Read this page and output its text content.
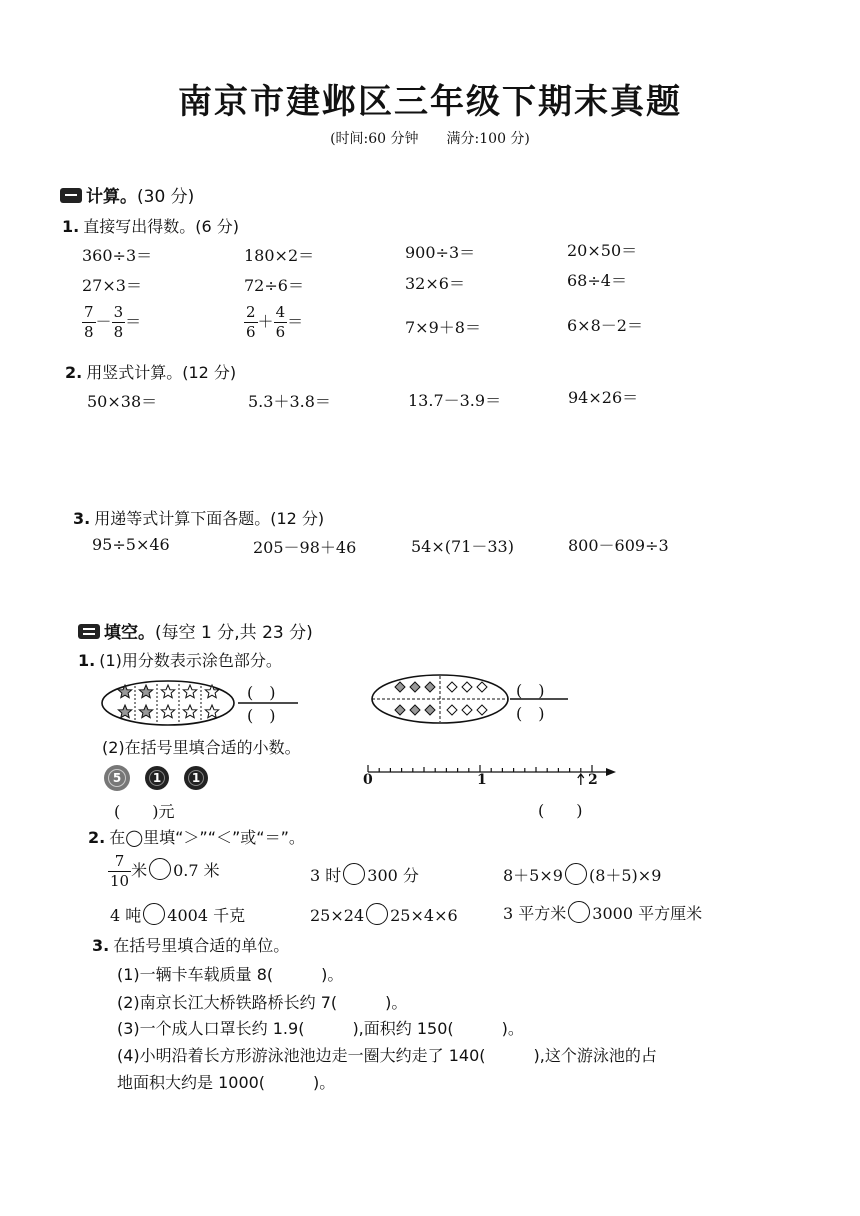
南京市建邺区三年级下期末真题
(时间:60 分钟　　满分:100 分)
计算。(30 分)
1. 直接写出得数。(6 分)
360÷3＝	180×2＝	900÷3＝	20×50＝
27×3＝	72÷6＝	32×6＝	68÷4＝
$\frac{7}{8} - \frac{3}{8}$ ＝	$\frac{2}{6} + \frac{4}{6}$ ＝	7×9＋8＝	6×8－2＝
2. 用竖式计算。(12 分)
50×38＝	5.3＋3.8＝	13.7－3.9＝	94×26＝
3. 用递等式计算下面各题。(12 分)
95÷5×46	205－98＋46	54×(71－33)	800－609÷3
填空。(每空 1 分,共 23 分)
1. (1)用分数表示涂色部分。
(　)
(　)
(　)
(　)
(2)在括号里填合适的小数。
5	1	1
(　　)元
0	1	2
(　　)
2. 在◯里填“＞”“＜”或“＝”。
$\frac{7}{10}$ 米 0.7 米	3 时 300 分	8＋5×9 (8＋5)×9
4 吨 4004 千克	25×24 25×4×6	3 平方米 3000 平方厘米
3. 在括号里填合适的单位。
(1)一辆卡车载质量 8(　　　)。
(2)南京长江大桥铁路桥长约 7(　　　)。
(3)一个成人口罩长约 1.9(　　　),面积约 150(　　　)。
(4)小明沿着长方形游泳池池边走一圈大约走了 140(　　　),这个游泳池的占
地面积大约是 1000(　　　)。
